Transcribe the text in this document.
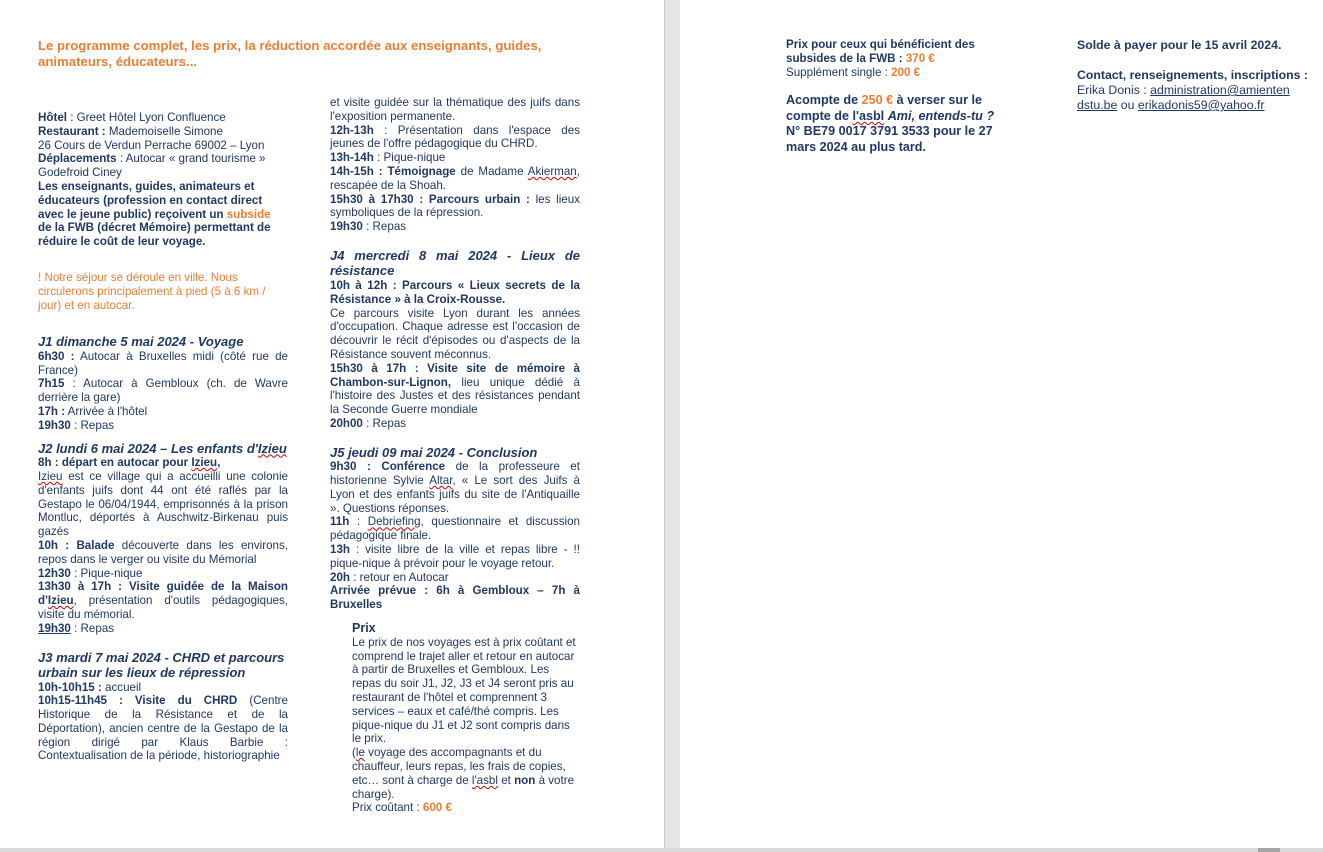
Le programme complet, les prix, la réduction accordée aux enseignants, guides, animateurs, éducateurs...

Hôtel : Greet Hôtel Lyon Confluence

Restaurant : Mademoiselle Simone

26 Cours de Verdun Perrache 69002 – Lyon

Déplacements : Autocar « grand tourisme » Godefroid Ciney

Les enseignants, guides, animateurs et éducateurs (profession en contact direct avec le jeune public) reçoivent un subside de la FWB (décret Mémoire) permettant de réduire le coût de leur voyage.

! Notre séjour se déroule en ville. Nous circulerons principalement à pied (5 à 6 km / jour) et en autocar.

J1 dimanche 5 mai 2024 - Voyage

6h30 : Autocar à Bruxelles midi (côté rue de France)

7h15 : Autocar à Gembloux (ch. de Wavre derrière la gare)

17h : Arrivée à l'hôtel

19h30 : Repas

J2 lundi 6 mai 2024 – Les enfants d'Izieu

8h : départ en autocar pour Izieu,

Izieu est ce village qui a accueilli une colonie d'enfants juifs dont 44 ont été raflés par la Gestapo le 06/04/1944, emprisonnés à la prison Montluc, déportés à Auschwitz-Birkenau puis gazés

10h : Balade découverte dans les environs, repos dans le verger ou visite du Mémorial

12h30 : Pique-nique

13h30 à 17h : Visite guidée de la Maison d'Izieu, présentation d'outils pédagogiques, visite du mémorial.

19h30 : Repas

J3 mardi 7 mai 2024 - CHRD et parcours urbain sur les lieux de répression

10h-10h15 : accueil

10h15-11h45 : Visite du CHRD (Centre Historique de la Résistance et de la Déportation), ancien centre de la Gestapo de la région dirigé par Klaus Barbie : Contextualisation de la période, historiographie

et visite guidée sur la thématique des juifs dans l'exposition permanente.

12h-13h : Présentation dans l'espace des jeunes de l'offre pédagogique du CHRD.

13h-14h : Pique-nique

14h-15h : Témoignage de Madame Akierman, rescapée de la Shoah.

15h30 à 17h30 : Parcours urbain : les lieux symboliques de la répression.

19h30 : Repas

J4 mercredi 8 mai 2024 - Lieux de résistance

10h à 12h : Parcours « Lieux secrets de la Résistance » à la Croix-Rousse.

Ce parcours visite Lyon durant les années d'occupation. Chaque adresse est l'occasion de découvrir le récit d'épisodes ou d'aspects de la Résistance souvent méconnus.

15h30 à 17h : Visite site de mémoire à Chambon-sur-Lignon, lieu unique dédié à l'histoire des Justes et des résistances pendant la Seconde Guerre mondiale

20h00 : Repas

J5 jeudi 09 mai 2024 - Conclusion

9h30 : Conférence de la professeure et historienne Sylvie Altar, « Le sort des Juifs à Lyon et des enfants juifs du site de l'Antiquaille ». Questions réponses.

11h : Debriefing, questionnaire et discussion pédagogique finale.

13h : visite libre de la ville et repas libre - !! pique-nique à prévoir pour le voyage retour.

20h : retour en Autocar

Arrivée prévue : 6h à Gembloux – 7h à Bruxelles

Prix

Le prix de nos voyages est à prix coûtant et comprend le trajet aller et retour en autocar à partir de Bruxelles et Gembloux. Les repas du soir J1, J2, J3 et J4 seront pris au restaurant de l'hôtel et comprennent 3 services – eaux et café/thé compris. Les pique-nique du J1 et J2 sont compris dans le prix.

(le voyage des accompagnants et du chauffeur, leurs repas, les frais de copies, etc… sont à charge de l'asbl et non à votre charge).

Prix coûtant : 600 €

Prix pour ceux qui bénéficient des subsides de la FWB : 370 €

Supplément single : 200 €

Acompte de 250 € à verser sur le compte de l'asbl Ami, entends-tu ? N° BE79 0017 3791 3533 pour le 27 mars 2024 au plus tard.

Solde à payer pour le 15 avril 2024.

Contact, renseignements, inscriptions :

Erika Donis : administration@amienten
dstu.be ou erikadonis59@yahoo.fr
